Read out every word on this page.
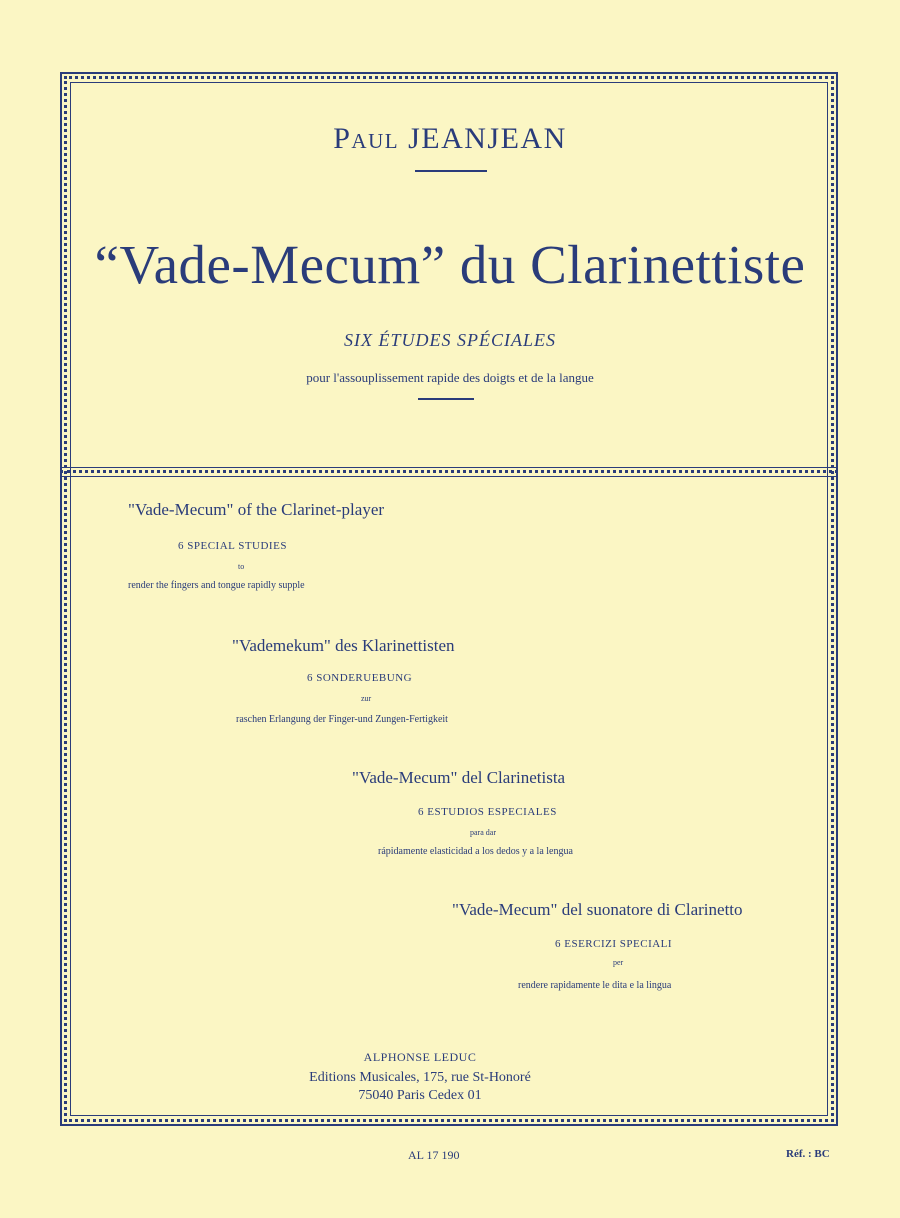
Paul JEANJEAN
“Vade-Mecum” du Clarinettiste
SIX ÉTUDES SPÉCIALES
pour l'assouplissement rapide des doigts et de la langue
"Vade-Mecum" of the Clarinet-player
6 SPECIAL STUDIES
to
render the fingers and tongue rapidly supple
"Vademekum" des Klarinettisten
6 SONDERUEBUNG
zur
raschen Erlangung der Finger-und Zungen-Fertigkeit
"Vade-Mecum" del Clarinetista
6 ESTUDIOS ESPECIALES
para dar
rápidamente elasticidad a los dedos y a la lengua
"Vade-Mecum" del suonatore di Clarinetto
6 ESERCIZI SPECIALI
per
rendere rapidamente le dita e la lingua
ALPHONSE LEDUC
Editions Musicales, 175, rue St-Honoré
75040 Paris Cedex 01
AL 17 190	Réf. : BC
